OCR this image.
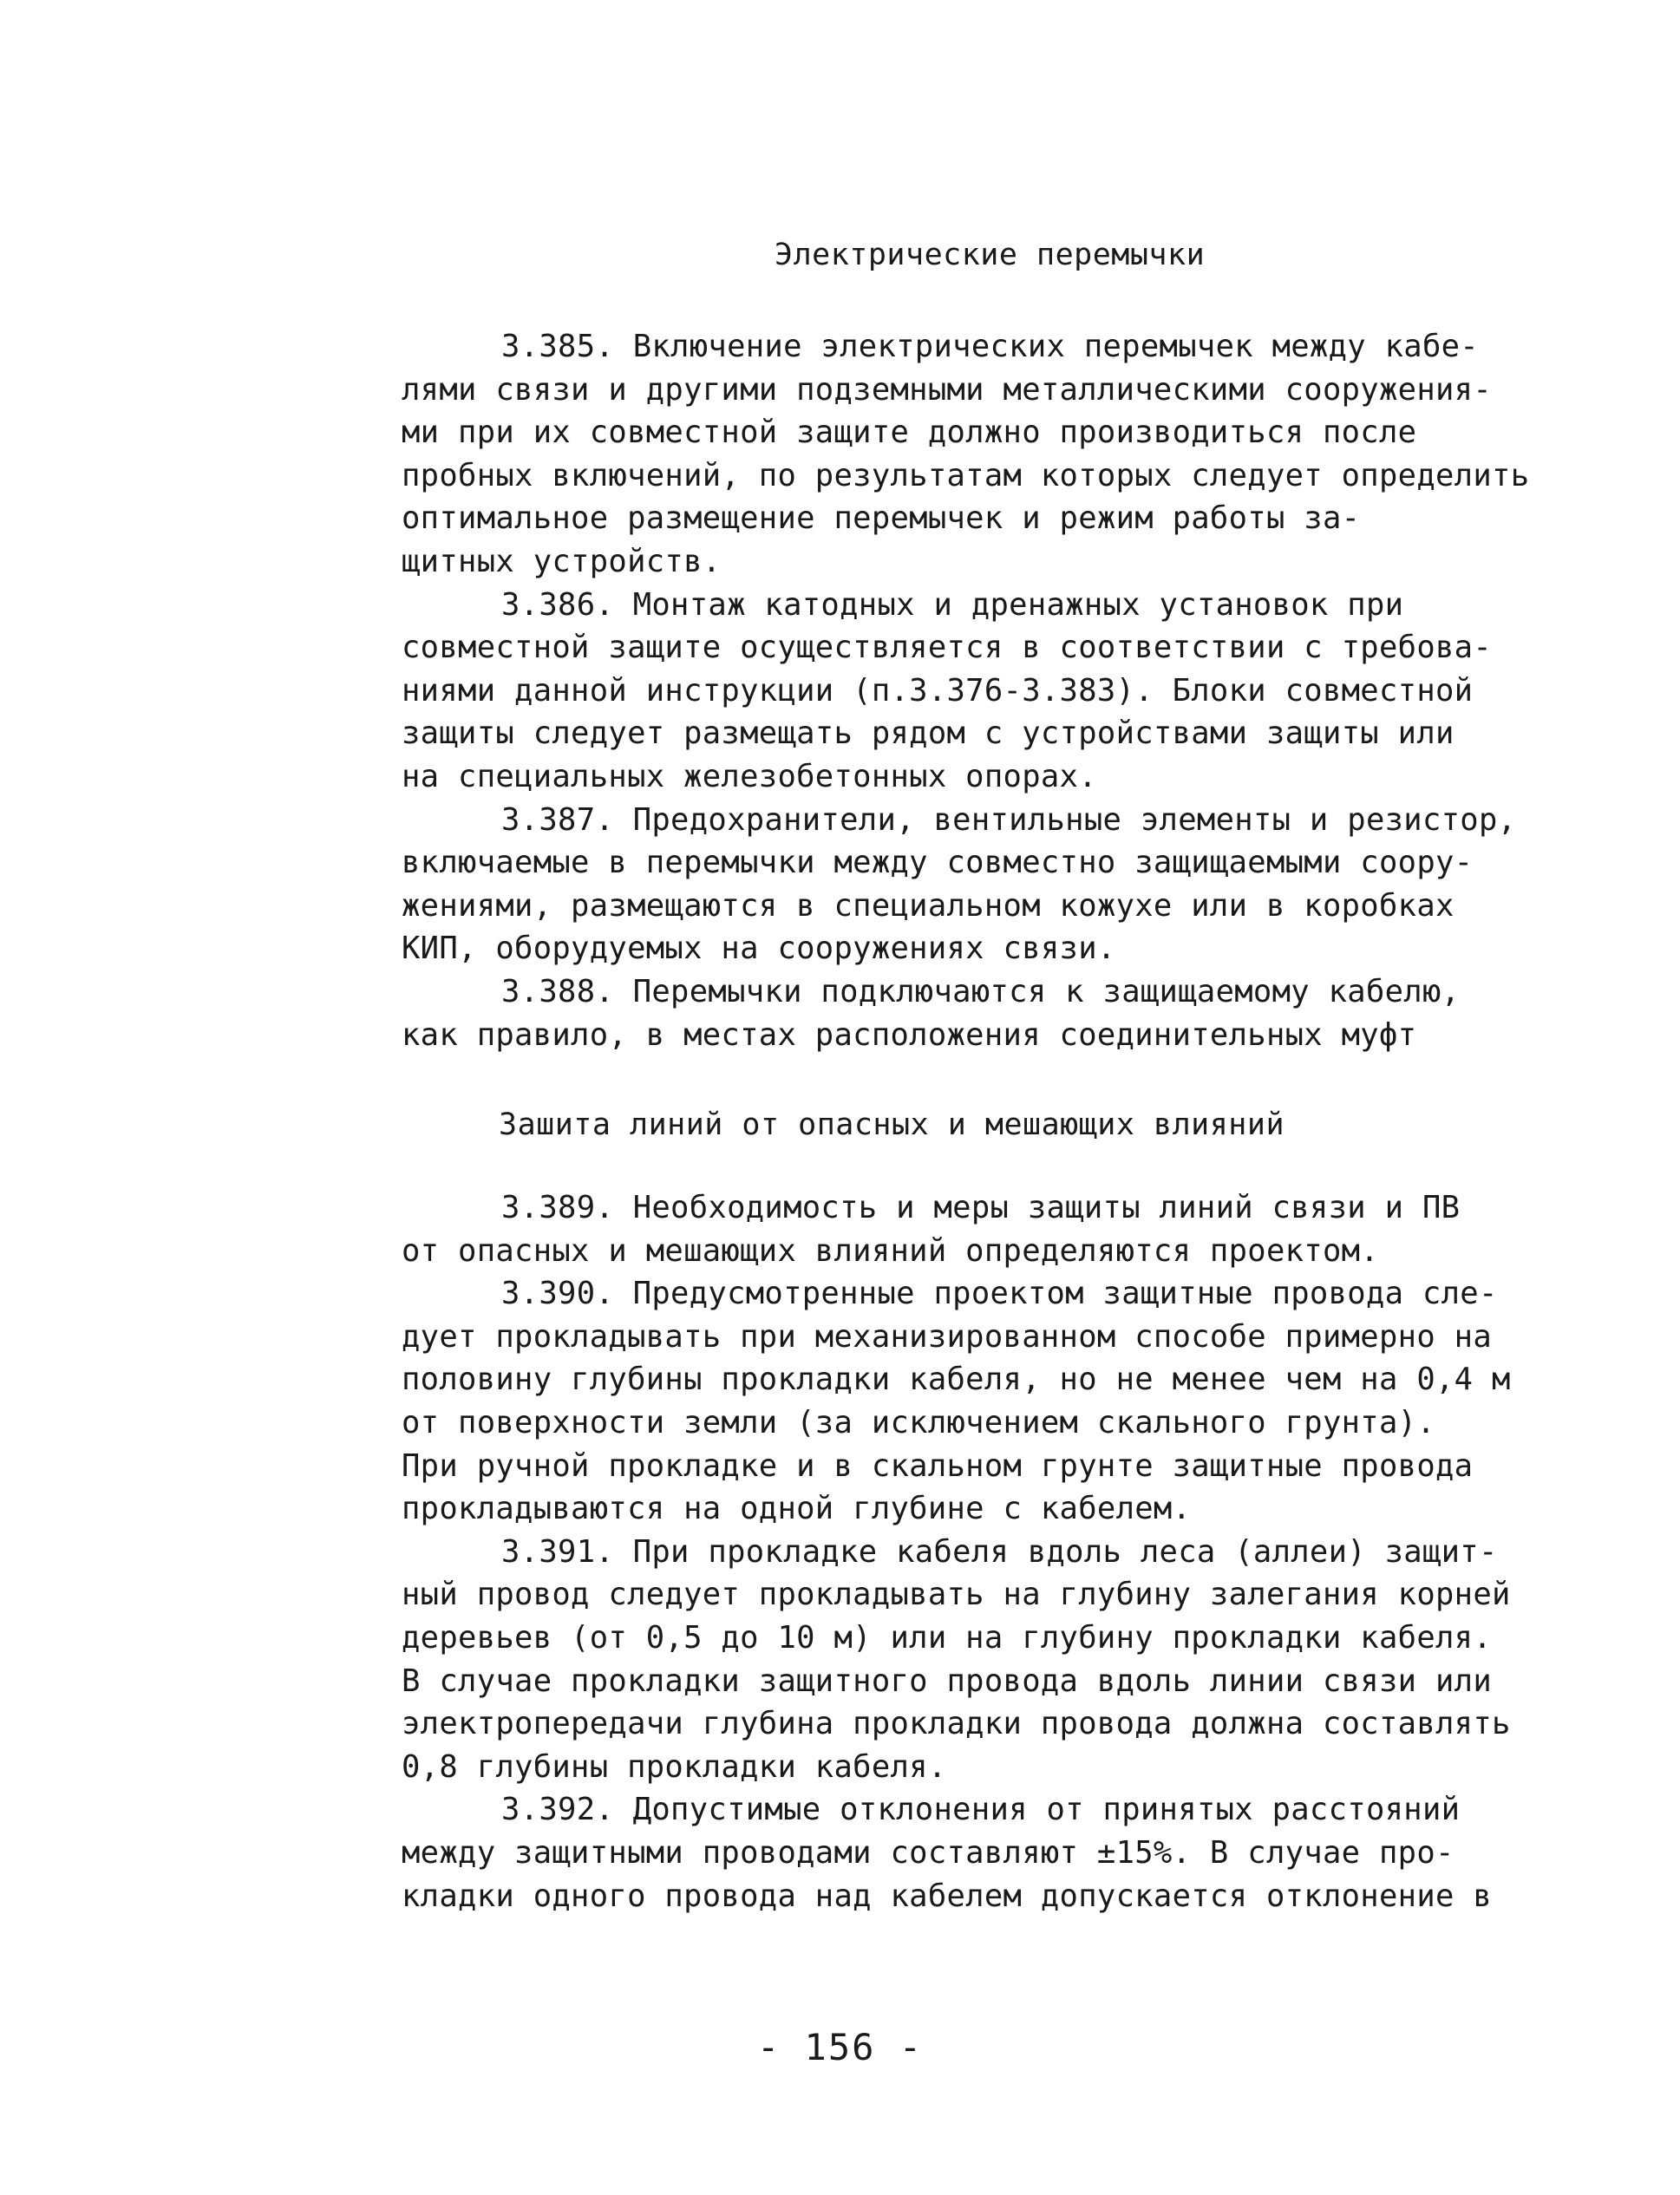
Электрические перемычки
3.385. Включение электрических перемычек между кабе-
лями связи и другими подземными металлическими сооружения-
ми при их совместной защите должно производиться после
пробных включений, по результатам которых следует определить
оптимальное размещение перемычек и режим работы за-
щитных устройств.
3.386. Монтаж катодных и дренажных установок при
совместной защите осуществляется в соответствии с требова-
ниями данной инструкции (п.3.376-3.383). Блоки совместной
защиты следует размещать рядом с устройствами защиты или
на специальных железобетонных опорах.
3.387. Предохранители, вентильные элементы и резистор,
включаемые в перемычки между совместно защищаемыми соору-
жениями, размещаются в специальном кожухе или в коробках
КИП, оборудуемых на сооружениях связи.
3.388. Перемычки подключаются к защищаемому кабелю,
как правило, в местах расположения соединительных муфт
Зашита линий от опасных и мешающих влияний
3.389. Необходимость и меры защиты линий связи и ПВ
от опасных и мешающих влияний определяются проектом.
3.390. Предусмотренные проектом защитные провода сле-
дует прокладывать при механизированном способе примерно на
половину глубины прокладки кабеля, но не менее чем на 0,4 м
от поверхности земли (за исключением скального грунта).
При ручной прокладке и в скальном грунте защитные провода
прокладываются на одной глубине с кабелем.
3.391. При прокладке кабеля вдоль леса (аллеи) защит-
ный провод следует прокладывать на глубину залегания корней
деревьев (от 0,5 до 10 м) или на глубину прокладки кабеля.
В случае прокладки защитного провода вдоль линии связи или
электропередачи глубина прокладки провода должна составлять
0,8 глубины прокладки кабеля.
3.392. Допустимые отклонения от принятых расстояний
между защитными проводами составляют ±15%. В случае про-
кладки одного провода над кабелем допускается отклонение в
- 156 -
